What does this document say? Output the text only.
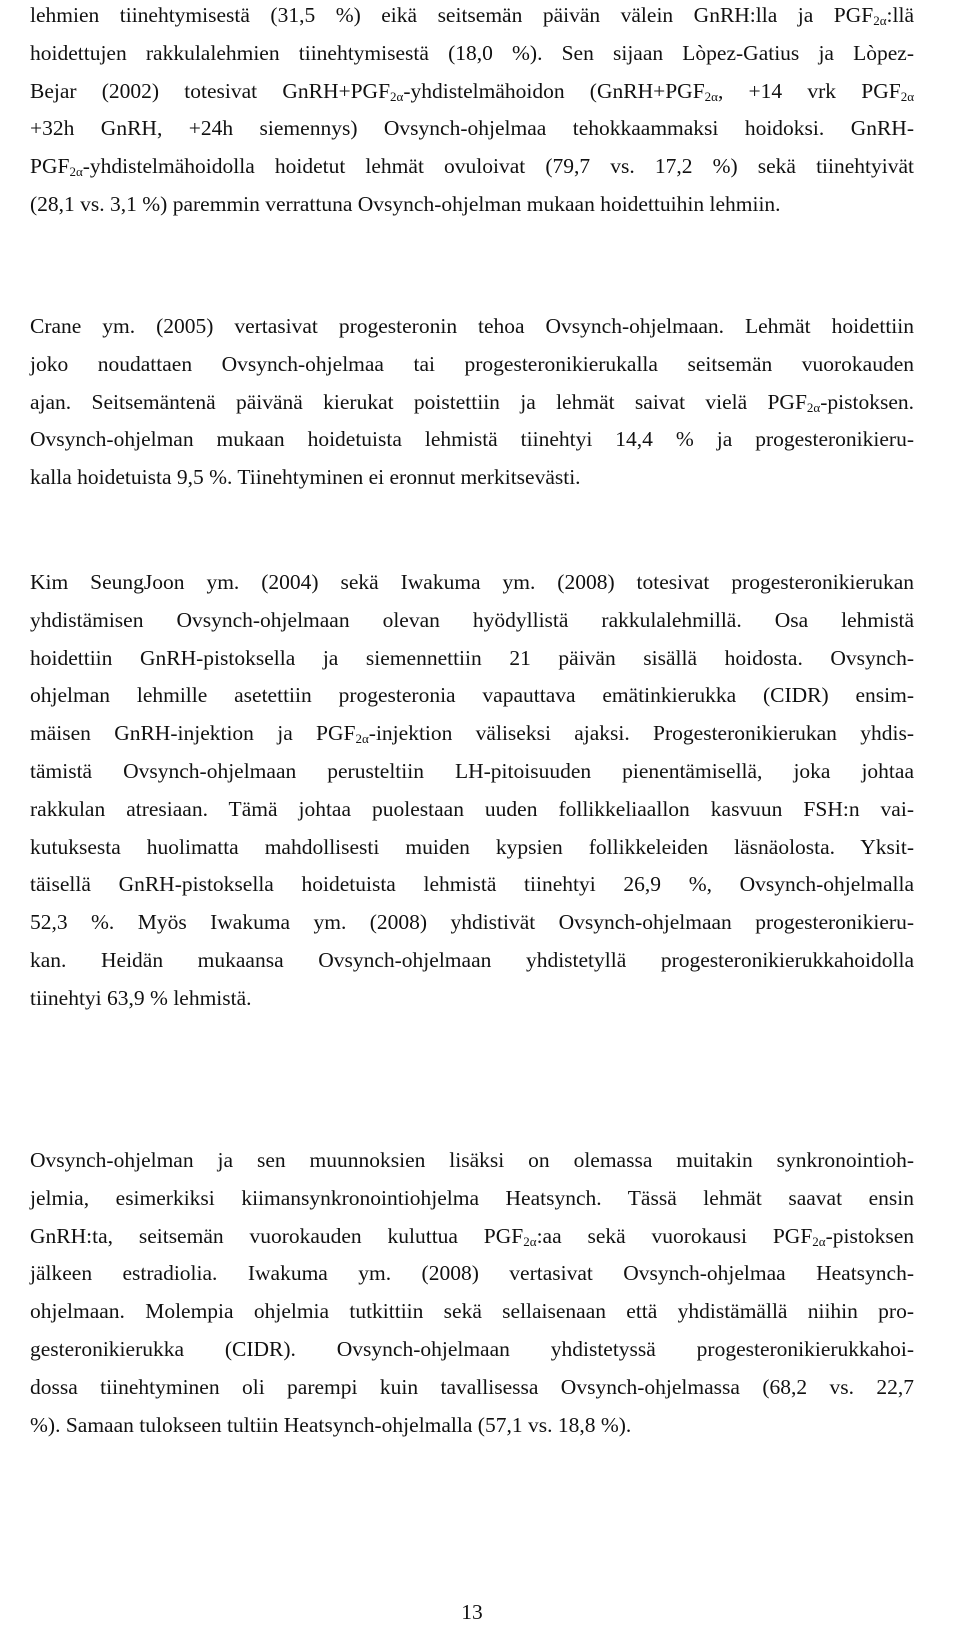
13
lehmien tiinehtymisestä (31,5 %) eikä seitsemän päivän välein GnRH:lla ja $PGF_{2\alpha}:llä$
hoidettujen rakkulalehmien tiinehtymisestä (18,0 %). Sen sijaan Lòpez-Gatius ja Lòpez-
Bejar (2002) totesivat $GnRH+PGF_{2\alpha}$-yhdistelmähoidon ($GnRH+PGF_{2\alpha}$, +14 vrk $PGF_{2\alpha}$
+32h GnRH, +24h siemennys) Ovsynch-ohjelmaa tehokkaammaksi hoidoksi. GnRH-
$PGF_{2\alpha}$-yhdistelmähoidolla hoidetut lehmät ovuloivat (79,7 vs. 17,2 %) sekä tiinehtyivät
(28,1 vs. 3,1 %) paremmin verrattuna Ovsynch-ohjelman mukaan hoidettuihin lehmiin.
Crane ym. (2005) vertasivat progesteronin tehoa Ovsynch-ohjelmaan. Lehmät hoidettiin
joko noudattaen Ovsynch-ohjelmaa tai progesteronikierukalla seitsemän vuorokauden
ajan. Seitsemäntenä päivänä kierukat poistettiin ja lehmät saivat vielä $PGF_{2\alpha}$-pistoksen.
Ovsynch-ohjelman mukaan hoidetuista lehmistä tiinehtyi 14,4 % ja progesteronikieru-
kalla hoidetuista 9,5 %. Tiinehtyminen ei eronnut merkitsevästi.
Kim SeungJoon ym. (2004) sekä Iwakuma ym. (2008) totesivat progesteronikierukan
yhdistämisen Ovsynch-ohjelmaan olevan hyödyllistä rakkulalehmillä. Osa lehmistä
hoidettiin GnRH-pistoksella ja siemennettiin 21 päivän sisällä hoidosta. Ovsynch-
ohjelman lehmille asetettiin progesteronia vapauttava emätinkierukka (CIDR) ensim-
mäisen GnRH-injektion ja $PGF_{2\alpha}$-injektion väliseksi ajaksi. Progesteronikierukan yhdis-
tämistä Ovsynch-ohjelmaan perusteltiin LH-pitoisuuden pienentämisellä, joka johtaa
rakkulan atresiaan. Tämä johtaa puolestaan uuden follikkeliaallon kasvuun FSH:n vai-
kutuksesta huolimatta mahdollisesti muiden kypsien follikkeleiden läsnäolosta. Yksit-
täisellä GnRH-pistoksella hoidetuista lehmistä tiinehtyi 26,9 %, Ovsynch-ohjelmalla
52,3 %. Myös Iwakuma ym. (2008) yhdistivät Ovsynch-ohjelmaan progesteronikieru-
kan. Heidän mukaansa Ovsynch-ohjelmaan yhdistetyllä progesteronikierukkahoidolla
tiinehtyi 63,9 % lehmistä.
Ovsynch-ohjelman ja sen muunnoksien lisäksi on olemassa muitakin synkronointioh-
jelmia, esimerkiksi kiimansynkronointiohjelma Heatsynch. Tässä lehmät saavat ensin
GnRH:ta, seitsemän vuorokauden kuluttua $PGF_{2\alpha}:aa$ sekä vuorokausi $PGF_{2\alpha}$-pistoksen
jälkeen estradiolia. Iwakuma ym. (2008) vertasivat Ovsynch-ohjelmaa Heatsynch-
ohjelmaan. Molempia ohjelmia tutkittiin sekä sellaisenaan että yhdistämällä niihin pro-
gesteronikierukka (CIDR). Ovsynch-ohjelmaan yhdistetyssä progesteronikierukkahoi-
dossa tiinehtyminen oli parempi kuin tavallisessa Ovsynch-ohjelmassa (68,2 vs. 22,7
%). Samaan tulokseen tultiin Heatsynch-ohjelmalla (57,1 vs. 18,8 %).
